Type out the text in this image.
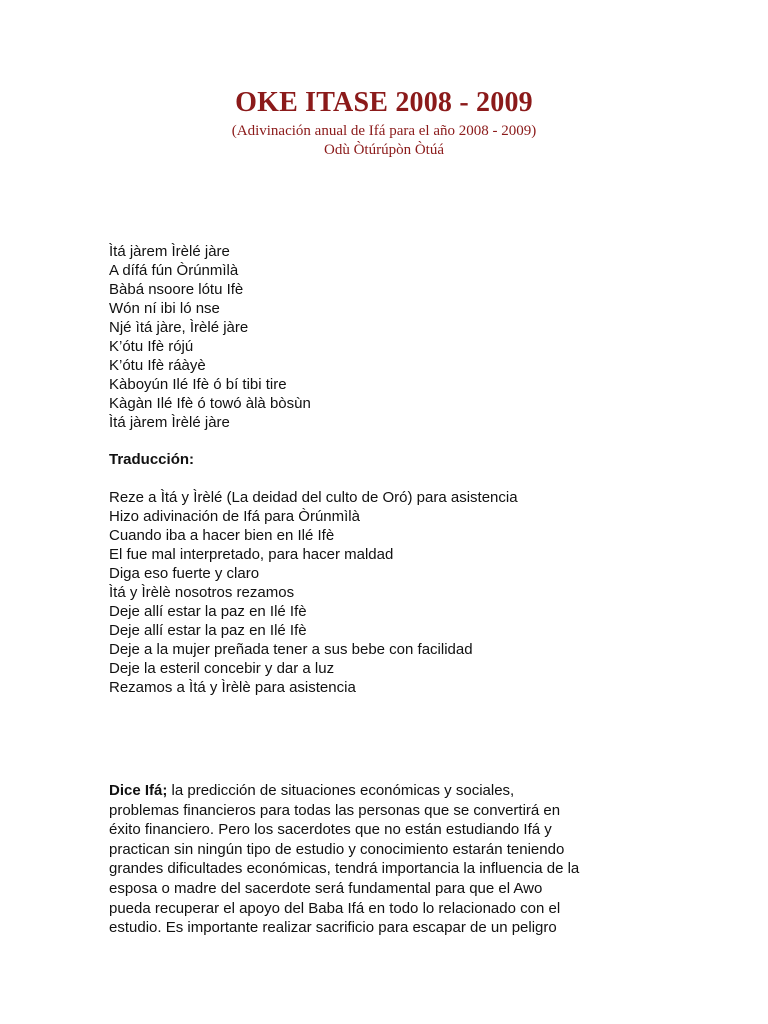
OKE ITASE 2008 - 2009
(Adivinación anual de Ifá para el año 2008 - 2009)
Odù Òtúrúpòn Òtúá
Ìtá jàrem Ìrèlé jàre
A dífá fún Òrúnmìlà
Bàbá nsoore lótu Ifè
Wón ní ibi ló nse
Njé ìtá jàre, Ìrèlé jàre
K’ótu Ifè rójú
K’ótu Ifè ráàyè
Kàboyún Ilé Ifè ó bí tibi tire
Kàgàn Ilé Ifè ó towó àlà bòsùn
Ìtá jàrem Ìrèlé jàre
Traducción:
Reze a Ìtá y Ìrèlé (La deidad del culto de Oró) para asistencia
Hizo adivinación de Ifá para Òrúnmìlà
Cuando iba a hacer bien en Ilé Ifè
El fue mal interpretado, para hacer maldad
Diga eso fuerte y claro
Ìtá y Ìrèlè nosotros rezamos
Deje allí estar la paz en Ilé Ifè
Deje allí estar la paz en Ilé Ifè
Deje a la mujer preñada tener a sus bebe con facilidad
Deje la esteril concebir y dar a luz
Rezamos a Ìtá y Ìrèlè para asistencia
Dice Ifá; la predicción de situaciones económicas y sociales,
problemas financieros para todas las personas que se convertirá en
éxito financiero. Pero los sacerdotes que no están estudiando Ifá y
practican sin ningún tipo de estudio y conocimiento estarán teniendo
grandes dificultades económicas, tendrá importancia la influencia de la
esposa o madre del sacerdote será fundamental para que el Awo
pueda recuperar el apoyo del Baba Ifá en todo lo relacionado con el
estudio. Es importante realizar sacrificio para escapar de un peligro
